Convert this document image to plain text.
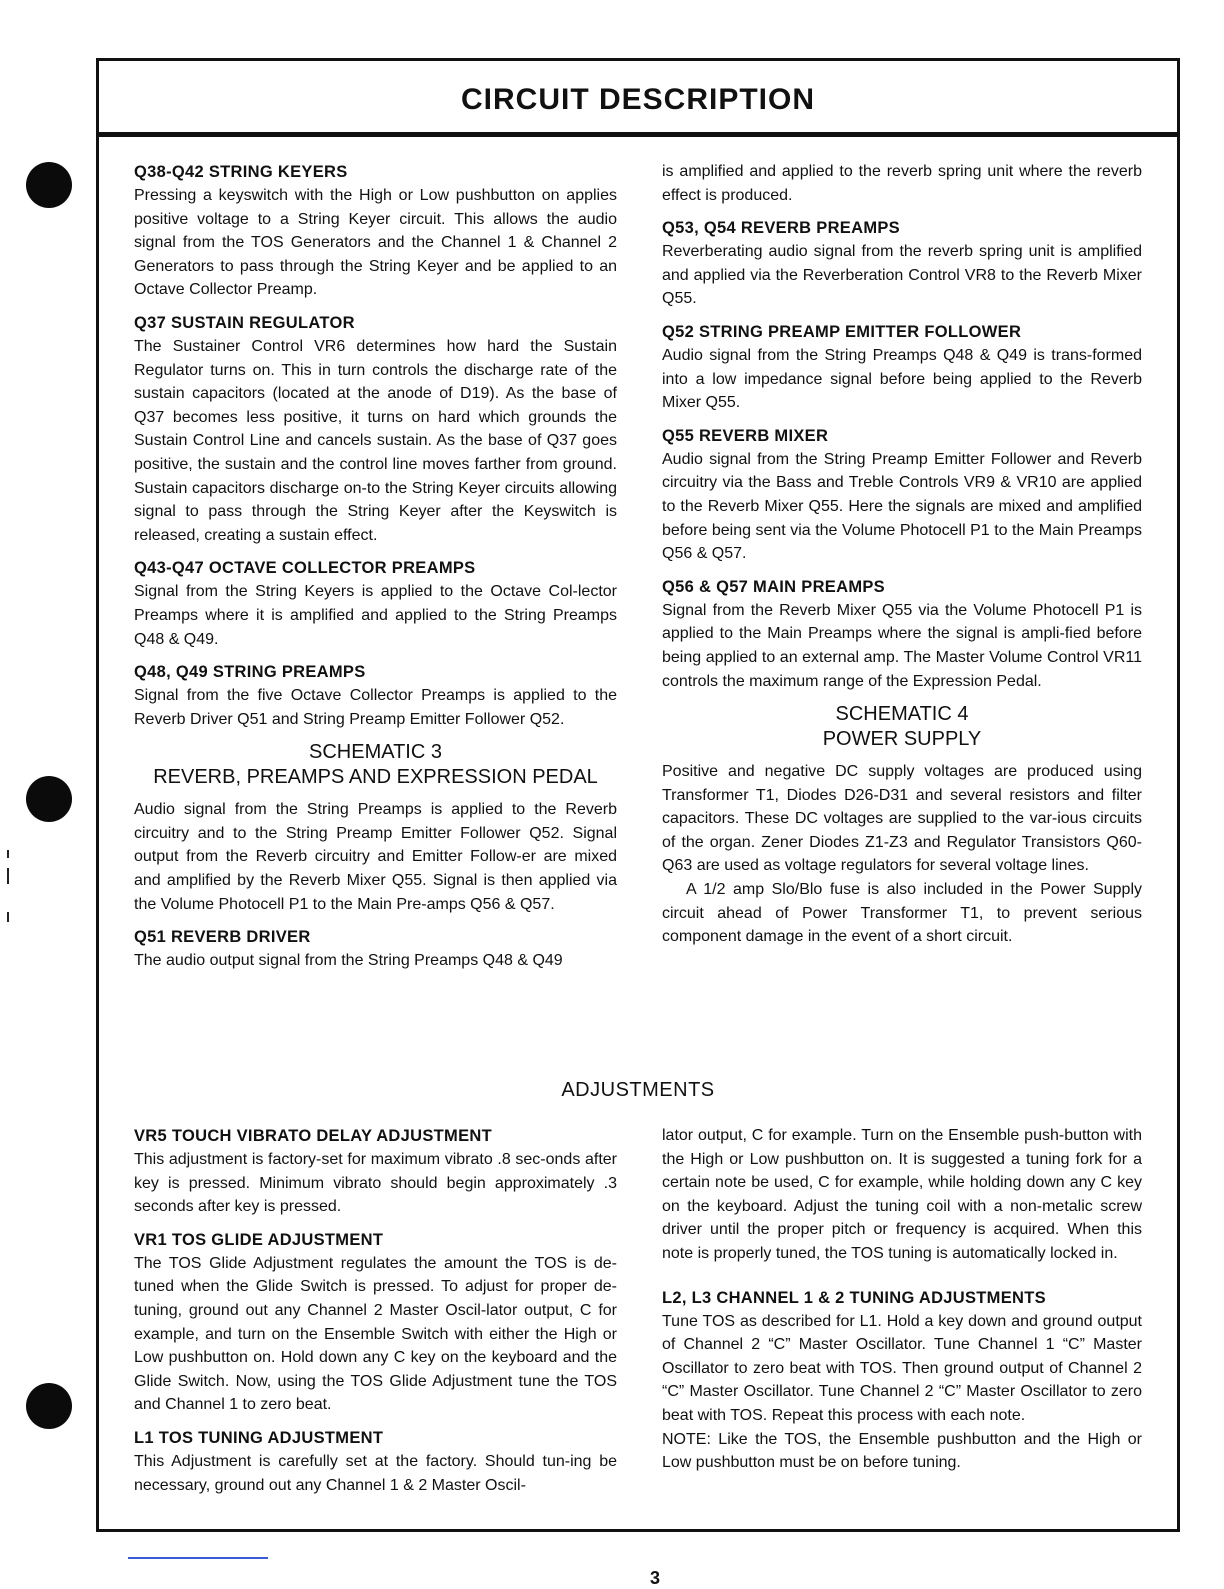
CIRCUIT DESCRIPTION
Q38-Q42 STRING KEYERS

Pressing a keyswitch with the High or Low pushbutton on applies positive voltage to a String Keyer circuit. This allows the audio signal from the TOS Generators and the Channel 1 & Channel 2 Generators to pass through the String Keyer and be applied to an Octave Collector Preamp.

Q37 SUSTAIN REGULATOR

The Sustainer Control VR6 determines how hard the Sustain Regulator turns on. This in turn controls the discharge rate of the sustain capacitors (located at the anode of D19). As the base of Q37 becomes less positive, it turns on hard which grounds the Sustain Control Line and cancels sustain. As the base of Q37 goes positive, the sustain and the control line moves farther from ground. Sustain capacitors discharge on-to the String Keyer circuits allowing signal to pass through the String Keyer after the Keyswitch is released, creating a sustain effect.

Q43-Q47 OCTAVE COLLECTOR PREAMPS

Signal from the String Keyers is applied to the Octave Col-lector Preamps where it is amplified and applied to the String Preamps Q48 & Q49.

Q48, Q49 STRING PREAMPS

Signal from the five Octave Collector Preamps is applied to the Reverb Driver Q51 and String Preamp Emitter Follower Q52.

SCHEMATIC 3
REVERB, PREAMPS AND EXPRESSION PEDAL

Audio signal from the String Preamps is applied to the Reverb circuitry and to the String Preamp Emitter Follower Q52. Signal output from the Reverb circuitry and Emitter Follow-er are mixed and amplified by the Reverb Mixer Q55. Signal is then applied via the Volume Photocell P1 to the Main Pre-amps Q56 & Q57.

Q51 REVERB DRIVER

The audio output signal from the String Preamps Q48 & Q49

is amplified and applied to the reverb spring unit where the reverb effect is produced.

Q53, Q54 REVERB PREAMPS

Reverberating audio signal from the reverb spring unit is amplified and applied via the Reverberation Control VR8 to the Reverb Mixer Q55.

Q52 STRING PREAMP EMITTER FOLLOWER

Audio signal from the String Preamps Q48 & Q49 is trans-formed into a low impedance signal before being applied to the Reverb Mixer Q55.

Q55 REVERB MIXER

Audio signal from the String Preamp Emitter Follower and Reverb circuitry via the Bass and Treble Controls VR9 & VR10 are applied to the Reverb Mixer Q55. Here the signals are mixed and amplified before being sent via the Volume Photocell P1 to the Main Preamps Q56 & Q57.

Q56 & Q57 MAIN PREAMPS

Signal from the Reverb Mixer Q55 via the Volume Photocell P1 is applied to the Main Preamps where the signal is ampli-fied before being applied to an external amp. The Master Volume Control VR11 controls the maximum range of the Expression Pedal.

SCHEMATIC 4
POWER SUPPLY

Positive and negative DC supply voltages are produced using Transformer T1, Diodes D26-D31 and several resistors and filter capacitors. These DC voltages are supplied to the var-ious circuits of the organ. Zener Diodes Z1-Z3 and Regulator Transistors Q60-Q63 are used as voltage regulators for several voltage lines.

A 1/2 amp Slo/Blo fuse is also included in the Power Supply circuit ahead of Power Transformer T1, to prevent serious component damage in the event of a short circuit.

ADJUSTMENTS
VR5 TOUCH VIBRATO DELAY ADJUSTMENT

This adjustment is factory-set for maximum vibrato .8 sec-onds after key is pressed. Minimum vibrato should begin approximately .3 seconds after key is pressed.

VR1 TOS GLIDE ADJUSTMENT

The TOS Glide Adjustment regulates the amount the TOS is de-tuned when the Glide Switch is pressed. To adjust for proper de-tuning, ground out any Channel 2 Master Oscil-lator output, C for example, and turn on the Ensemble Switch with either the High or Low pushbutton on. Hold down any C key on the keyboard and the Glide Switch. Now, using the TOS Glide Adjustment tune the TOS and Channel 1 to zero beat.

L1 TOS TUNING ADJUSTMENT

This Adjustment is carefully set at the factory. Should tun-ing be necessary, ground out any Channel 1 & 2 Master Oscil-

lator output, C for example. Turn on the Ensemble push-button with the High or Low pushbutton on. It is suggested a tuning fork for a certain note be used, C for example, while holding down any C key on the keyboard. Adjust the tuning coil with a non-metalic screw driver until the proper pitch or frequency is acquired. When this note is properly tuned, the TOS tuning is automatically locked in.

L2, L3 CHANNEL 1 & 2 TUNING ADJUSTMENTS

Tune TOS as described for L1. Hold a key down and ground output of Channel 2 “C” Master Oscillator. Tune Channel 1 “C” Master Oscillator to zero beat with TOS. Then ground output of Channel 2 “C” Master Oscillator. Tune Channel 2 “C” Master Oscillator to zero beat with TOS. Repeat this process with each note.

NOTE: Like the TOS, the Ensemble pushbutton and the High or Low pushbutton must be on before tuning.

3
